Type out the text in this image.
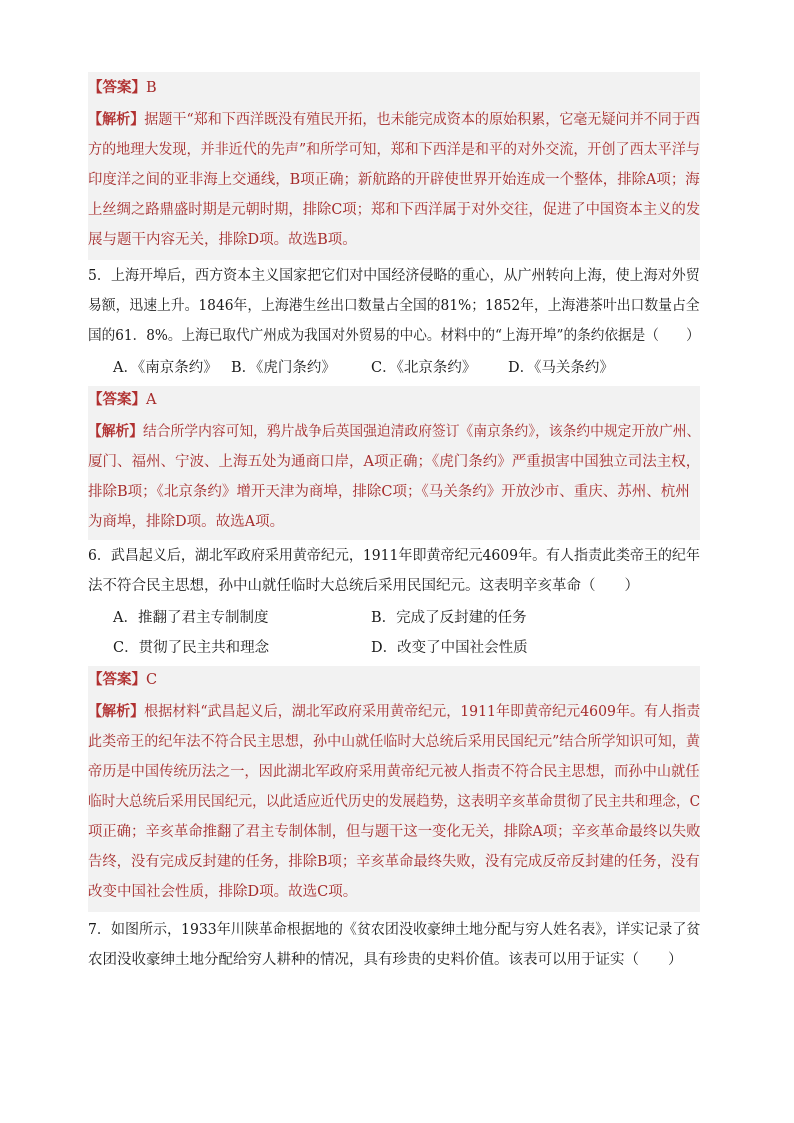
【答案】B
【解析】据题干“郑和下西洋既没有殖民开拓，也未能完成资本的原始积累，它毫无疑问并不同于西
方的地理大发现，并非近代的先声”和所学可知，郑和下西洋是和平的对外交流，开创了西太平洋与
印度洋之间的亚非海上交通线，B项正确；新航路的开辟使世界开始连成一个整体，排除A项；海
上丝绸之路鼎盛时期是元朝时期，排除C项；郑和下西洋属于对外交往，促进了中国资本主义的发
展与题干内容无关，排除D项。故选B项。
5．上海开埠后，西方资本主义国家把它们对中国经济侵略的重心，从广州转向上海，使上海对外贸
易额，迅速上升。1846年，上海港生丝出口数量占全国的81%；1852年，上海港茶叶出口数量占全
国的61．8%。上海已取代广州成为我国对外贸易的中心。材料中的“上海开埠”的条约依据是（　　）
A．《南京条约》 B．《虎门条约》 C．《北京条约》 D．《马关条约》
【答案】A
【解析】结合所学内容可知，鸦片战争后英国强迫清政府签订《南京条约》，该条约中规定开放广州、
厦门、福州、宁波、上海五处为通商口岸，A项正确；《虎门条约》严重损害中国独立司法主权，
排除B项；《北京条约》增开天津为商埠，排除C项；《马关条约》开放沙市、重庆、苏州、杭州
为商埠，排除D项。故选A项。
6．武昌起义后，湖北军政府采用黄帝纪元，1911年即黄帝纪元4609年。有人指责此类帝王的纪年
法不符合民主思想，孙中山就任临时大总统后采用民国纪元。这表明辛亥革命（　　）
A．推翻了君主专制制度	B．完成了反封建的任务
C．贯彻了民主共和理念	D．改变了中国社会性质
【答案】C
【解析】根据材料“武昌起义后，湖北军政府采用黄帝纪元，1911年即黄帝纪元4609年。有人指责
此类帝王的纪年法不符合民主思想，孙中山就任临时大总统后采用民国纪元”结合所学知识可知，黄
帝历是中国传统历法之一，因此湖北军政府采用黄帝纪元被人指责不符合民主思想，而孙中山就任
临时大总统后采用民国纪元，以此适应近代历史的发展趋势，这表明辛亥革命贯彻了民主共和理念，C
项正确；辛亥革命推翻了君主专制体制，但与题干这一变化无关，排除A项；辛亥革命最终以失败
告终，没有完成反封建的任务，排除B项；辛亥革命最终失败，没有完成反帝反封建的任务，没有
改变中国社会性质，排除D项。故选C项。
7．如图所示，1933年川陕革命根据地的《贫农团没收豪绅土地分配与穷人姓名表》，详实记录了贫
农团没收豪绅土地分配给穷人耕种的情况，具有珍贵的史料价值。该表可以用于证实（　　）
